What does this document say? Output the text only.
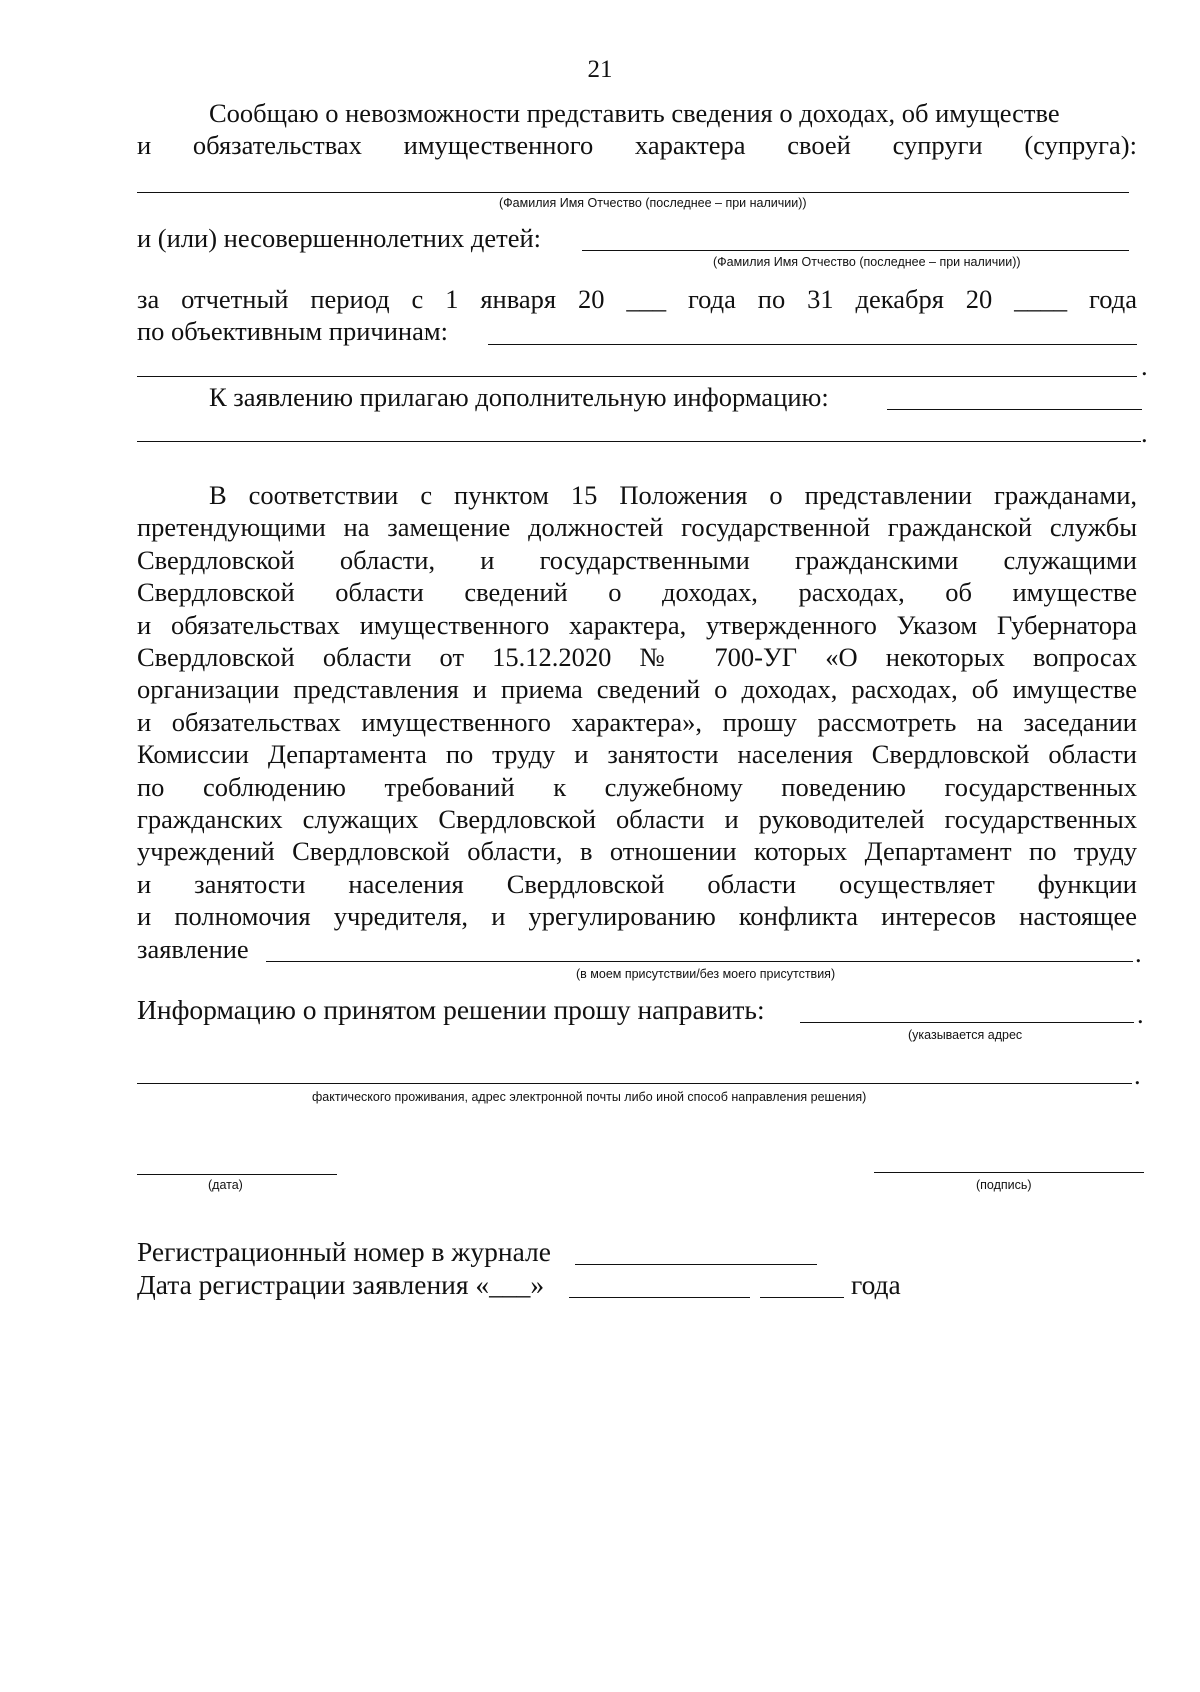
21
Сообщаю о невозможности представить сведения о доходах, об имуществе
и обязательствах имущественного характера своей супруги (супруга):
(Фамилия Имя Отчество (последнее – при наличии))
и (или) несовершеннолетних детей:
(Фамилия Имя Отчество (последнее – при наличии))
за отчетный период с 1 января 20 ___ года по 31 декабря 20 ____ года
по объективным причинам:
.
К заявлению прилагаю дополнительную информацию:
.
В соответствии с пунктом 15 Положения о представлении гражданами,
претендующими на замещение должностей государственной гражданской службы
Свердловской области, и государственными гражданскими служащими
Свердловской области сведений о доходах, расходах, об имуществе
и обязательствах имущественного характера, утвержденного Указом Губернатора
Свердловской области от 15.12.2020 № 700-УГ «О некоторых вопросах
организации представления и приема сведений о доходах, расходах, об имуществе
и обязательствах имущественного характера», прошу рассмотреть на заседании
Комиссии Департамента по труду и занятости населения Свердловской области
по соблюдению требований к служебному поведению государственных
гражданских служащих Свердловской области и руководителей государственных
учреждений Свердловской области, в отношении которых Департамент по труду
и занятости населения Свердловской области осуществляет функции
и полномочия учредителя, и урегулированию конфликта интересов настоящее
заявление	.
(в моем присутствии/без моего присутствия)
Информацию о принятом решении прошу направить:	.
(указывается адрес
.
фактического проживания, адрес электронной почты либо иной способ направления решения)
(дата)	(подпись)
Регистрационный номер в журнале
Дата регистрации заявления «___»	года
